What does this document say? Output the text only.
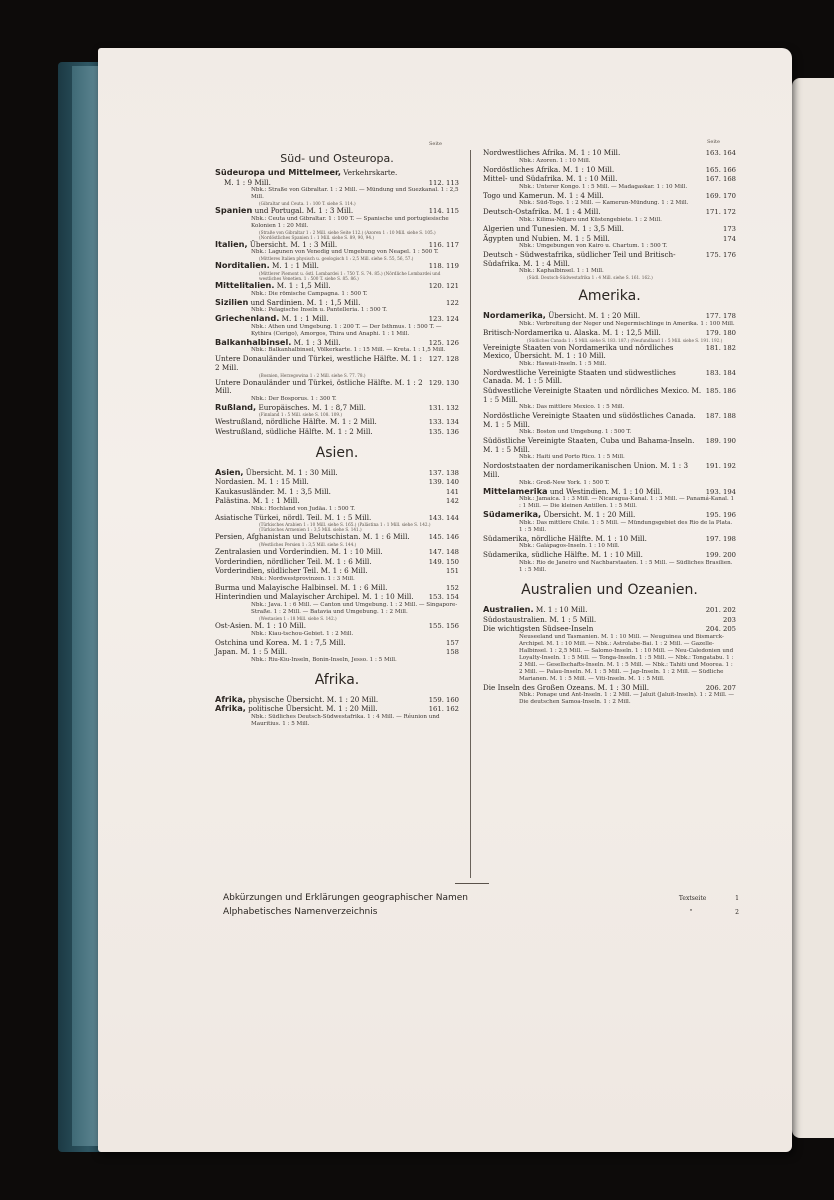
Seite	Seite
Süd- und Osteuropa.
Südeuropa und Mittelmeer, Verkehrskarte.
M. 1 : 9 Mill.	112. 113
Nbk.: Straße von Gibraltar. 1 : 2 Mill. — Mündung und Suezkanal. 1 : 2,5 Mill.
(Gibraltar und Ceuta. 1 : 100 T. siehe S. 114.)
Spanien und Portugal. M. 1 : 3 Mill.	114. 115
Nbk.: Ceuta und Gibraltar. 1 : 100 T. — Spanische und portugiesische Kolonien 1 : 20 Mill.
(Straße von Gibraltar 1 : 2 Mill. siehe Seite 112.) (Azoren 1 : 10 Mill. siehe S. 105.)
(Nordöstliches Spanien 1 : 1 Mill. siehe S. 89, 90, 94.)
Italien, Übersicht. M. 1 : 3 Mill.	116. 117
Nbk.: Lagunen von Venedig und Umgebung von Neapel. 1 : 500 T.
(Mittleres Italien physisch u. geologisch 1 : 2,5 Mill. siehe S. 55, 56, 57.)
Norditalien. M. 1 : 1 Mill.	118. 119
(Mittlerer Piemont u. östl. Lombardei 1 : 750 T. S. 74. 85.) (Nördliche Lombardei und westliches Venetien. 1 : 500 T. siehe S. 85. 86.)
Mittelitalien. M. 1 : 1,5 Mill.	120. 121
Nbk.: Die römische Campagna. 1 : 500 T.
Sizilien und Sardinien. M. 1 : 1,5 Mill.	122
Nbk.: Pelagische Inseln u. Pantelleria. 1 : 500 T.
Griechenland. M. 1 : 1 Mill.	123. 124
Nbk.: Athen und Umgebung. 1 : 200 T. — Der Isthmus. 1 : 500 T. — Kythira (Cerigo), Amorgos, Thira und Anaphi. 1 : 1 Mill.
Balkanhalbinsel. M. 1 : 3 Mill.	125. 126
Nbk.: Balkanhalbinsel, Völkerkarte. 1 : 15 Mill. — Kreta. 1 : 1,5 Mill.
Untere Donauländer und Türkei, westliche Hälfte. M. 1 : 2 Mill.
127. 128
(Bosnien, Herzegowina 1 : 2 Mill. siehe S. 77. 78.)
Untere Donauländer und Türkei, östliche Hälfte. M. 1 : 2 Mill.
129. 130
Nbk.: Der Bosporus. 1 : 300 T.
Rußland, Europäisches. M. 1 : 8,7 Mill.	131. 132
(Finnland 1 : 5 Mill. siehe S. 108. 109.)
Westrußland, nördliche Hälfte. M. 1 : 2 Mill.	133. 134
Westrußland, südliche Hälfte. M. 1 : 2 Mill.	135. 136
Asien.
Asien, Übersicht. M. 1 : 30 Mill.	137. 138
Nordasien. M. 1 : 15 Mill.	139. 140
Kaukasusländer. M. 1 : 3,5 Mill.	141
Palästina. M. 1 : 1 Mill.	142
Nbk.: Hochland von Judäa. 1 : 500 T.
Asiatische Türkei, nördl. Teil. M. 1 : 5 Mill.	143. 144
(Türkisches Arabien 1 : 10 Mill. siehe S. 165.) (Palästina 1 : 1 Mill. siehe S. 142.)
(Türkisches Armenien 1 : 3,5 Mill. siehe S. 141.)
Persien, Afghanistan und Belutschistan. M. 1 : 6 Mill.	145. 146
(Westliches Persien 1 : 3,5 Mill. siehe S. 144.)
Zentralasien und Vorderindien. M. 1 : 10 Mill.	147. 148
Vorderindien, nördlicher Teil. M. 1 : 6 Mill.	149. 150
Vorderindien, südlicher Teil. M. 1 : 6 Mill.	151
Nbk.: Nordwestprovinzen. 1 : 3 Mill.
Burma und Malayische Halbinsel. M. 1 : 6 Mill.	152
Hinterindien und Malayischer Archipel. M. 1 : 10 Mill.	153. 154
Nbk.: Java. 1 : 6 Mill. — Canton und Umgebung. 1 : 2 Mill. — Singapore-Straße. 1 : 2 Mill. — Batavia und Umgebung. 1 : 2 Mill.
(Westasien 1 : 18 Mill. siehe S. 142.)
Ost-Asien. M. 1 : 10 Mill.	155. 156
Nbk.: Kiau-tschou-Gebiet. 1 : 2 Mill.
Ostchina und Korea. M. 1 : 7,5 Mill.	157
Japan. M. 1 : 5 Mill.	158
Nbk.: Riu-Kiu-Inseln, Bonin-Inseln, Jesso. 1 : 5 Mill.
Afrika.
Afrika, physische Übersicht. M. 1 : 20 Mill.	159. 160
Afrika, politische Übersicht. M. 1 : 20 Mill.	161. 162
Nbk.: Südliches Deutsch-Südwestafrika. 1 : 4 Mill. — Réunion und Mauritius. 1 : 5 Mill.
Nordwestliches Afrika. M. 1 : 10 Mill.	163. 164
Nbk.: Azoren. 1 : 10 Mill.
Nordöstliches Afrika. M. 1 : 10 Mill.	165. 166
Mittel- und Südafrika. M. 1 : 10 Mill.	167. 168
Nbk.: Unterer Kongo. 1 : 5 Mill. — Madagaskar. 1 : 10 Mill.
Togo und Kamerun. M. 1 : 4 Mill.	169. 170
Nbk.: Süd-Togo. 1 : 2 Mill. — Kamerun-Mündung. 1 : 2 Mill.
Deutsch-Ostafrika. M. 1 : 4 Mill.	171. 172
Nbk.: Kilima-Ndjaro und Küstengebiete. 1 : 2 Mill.
Algerien und Tunesien. M. 1 : 3,5 Mill.	173
Ägypten und Nubien. M. 1 : 5 Mill.	174
Nbk.: Umgebungen von Kairo u. Chartum. 1 : 500 T.
Deutsch - Südwestafrika, südlicher Teil und Britisch-Südafrika. M. 1 : 4 Mill.
175. 176
Nbk.: Kaphalbinsel. 1 : 1 Mill.
(Südl. Deutsch-Südwestafrika 1 : 4 Mill. siehe S. 161. 162.)
Amerika.
Nordamerika, Übersicht. M. 1 : 20 Mill.	177. 178
Nbk.: Verbreitung der Neger und Negermischlinge in Amerika. 1 : 100 Mill.
Britisch-Nordamerika u. Alaska. M. 1 : 12,5 Mill.	179. 180
(Südliches Canada 1 : 5 Mill. siehe S. 183. 187.) (Neufundland 1 : 5 Mill. siehe S. 191. 192.)
Vereinigte Staaten von Nordamerika und nördliches Mexico, Übersicht. M. 1 : 10 Mill.
181. 182
Nbk.: Hawaii-Inseln. 1 : 5 Mill.
Nordwestliche Vereinigte Staaten und südwestliches Canada. M. 1 : 5 Mill.
183. 184
Südwestliche Vereinigte Staaten und nördliches Mexico. M. 1 : 5 Mill.
185. 186
Nbk.: Das mittlere Mexico. 1 : 5 Mill.
Nordöstliche Vereinigte Staaten und südöstliches Canada. M. 1 : 5 Mill.
187. 188
Nbk.: Boston und Umgebung. 1 : 500 T.
Südöstliche Vereinigte Staaten, Cuba und Bahama-Inseln. M. 1 : 5 Mill.
189. 190
Nbk.: Haiti und Porto Rico. 1 : 5 Mill.
Nordoststaaten der nordamerikanischen Union. M. 1 : 3 Mill.
191. 192
Nbk.: Groß-New York. 1 : 500 T.
Mittelamerika und Westindien. M. 1 : 10 Mill.	193. 194
Nbk.: Jamaica. 1 : 3 Mill. — Nicaragua-Kanal. 1 : 3 Mill. — Panamá-Kanal. 1 : 1 Mill. — Die kleinen Antillen. 1 : 5 Mill.
Südamerika, Übersicht. M. 1 : 20 Mill.	195. 196
Nbk.: Das mittlere Chile. 1 : 5 Mill. — Mündungsgebiet des Rio de la Plata. 1 : 5 Mill.
Südamerika, nördliche Hälfte. M. 1 : 10 Mill.	197. 198
Nbk.: Galápagos-Inseln. 1 : 10 Mill.
Südamerika, südliche Hälfte. M. 1 : 10 Mill.	199. 200
Nbk.: Rio de Janeiro und Nachbarstaaten. 1 : 5 Mill. — Südliches Brasilien. 1 : 5 Mill.
Australien und Ozeanien.
Australien. M. 1 : 10 Mill.	201. 202
Südostaustralien. M. 1 : 5 Mill.	203
Die wichtigsten Südsee-Inseln	204. 205
Neuseeland und Tasmanien. M. 1 : 10 Mill. — Neuguinea und Bismarck-Archipel. M. 1 : 10 Mill. — Nbk.: Astrolabe-Bai. 1 : 2 Mill. — Gazelle-Halbinsel. 1 : 2,5 Mill. — Salomo-Inseln. 1 : 10 Mill. — Neu-Caledonien und Loyalty-Inseln. 1 : 5 Mill. — Tonga-Inseln. 1 : 5 Mill. — Nbk.: Tongatabu. 1 : 2 Mill. — Gesellschafts-Inseln. M. 1 : 5 Mill. — Nbk.: Tahiti und Moorea. 1 : 2 Mill. — Palau-Inseln. M. 1 : 5 Mill. — Jap-Inseln. 1 : 2 Mill. — Südliche Marianen. M. 1 : 5 Mill. — Viti-Inseln. M. 1 : 5 Mill.
Die Inseln des Großen Ozeans. M. 1 : 30 Mill.	206. 207
Nbk.: Ponape und Ant-Inseln. 1 : 2 Mill. — Jaluit (Jaluit-Inseln). 1 : 2 Mill. — Die deutschen Samoa-Inseln. 1 : 2 Mill.
Abkürzungen und Erklärungen geographischer Namen	Textseite	1
Alphabetisches Namenverzeichnis	"	2
